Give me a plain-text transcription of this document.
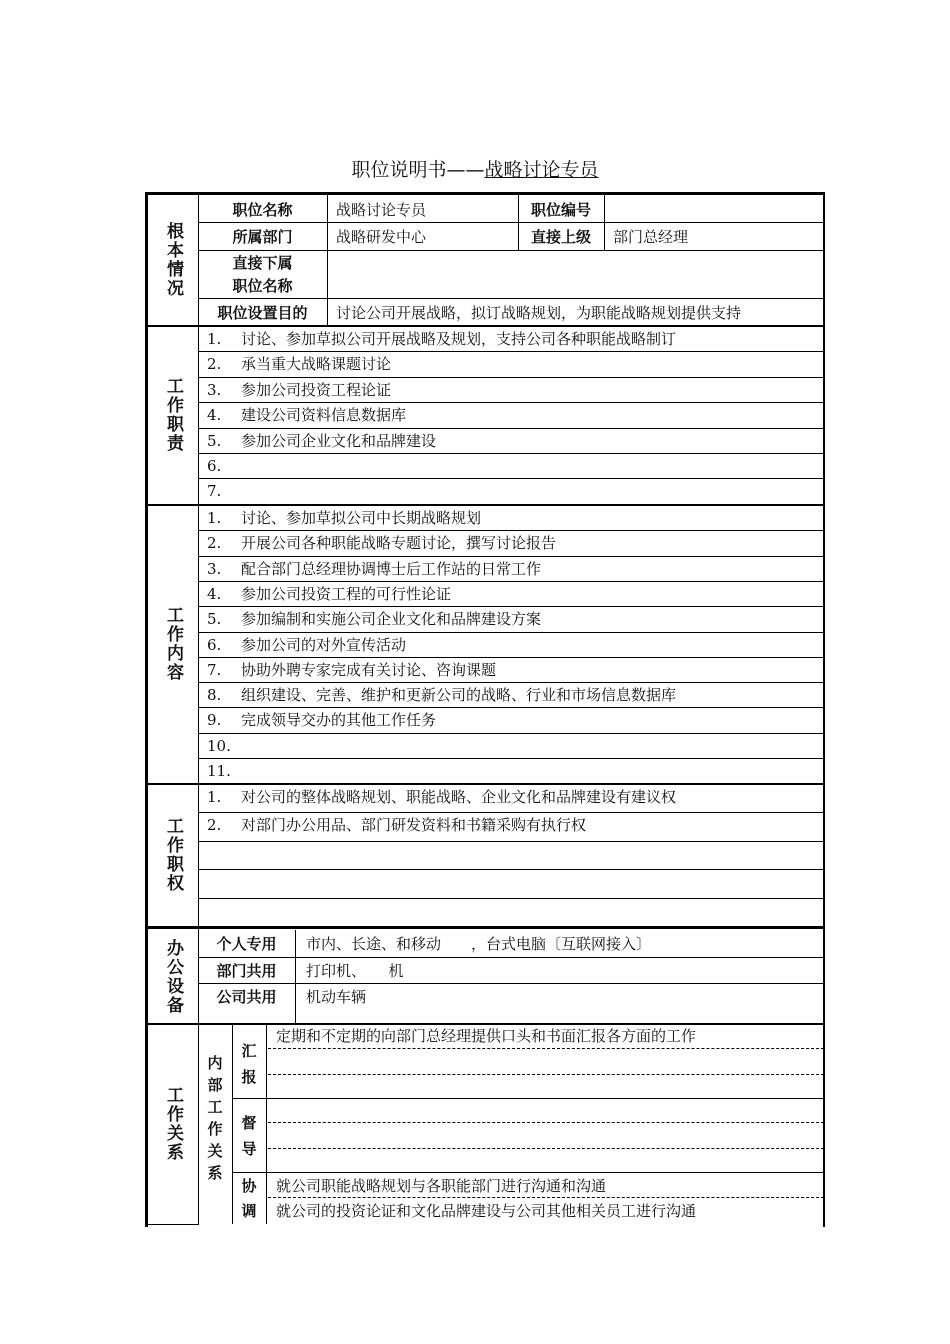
职位说明书——战略讨论专员
根本情况
职位名称	战略讨论专员	职位编号
所属部门	战略研发中心	直接上级	部门总经理
直接下属
职位名称
职位设置目的	讨论公司开展战略，拟订战略规划，为职能战略规划提供支持
工作职责
1. 讨论、参加草拟公司开展战略及规划，支持公司各种职能战略制订
2. 承当重大战略课题讨论
3. 参加公司投资工程论证
4. 建设公司资料信息数据库
5. 参加公司企业文化和品牌建设
6.
7.
工作内容
1. 讨论、参加草拟公司中长期战略规划
2. 开展公司各种职能战略专题讨论，撰写讨论报告
3. 配合部门总经理协调博士后工作站的日常工作
4. 参加公司投资工程的可行性论证
5. 参加编制和实施公司企业文化和品牌建设方案
6. 参加公司的对外宣传活动
7. 协助外聘专家完成有关讨论、咨询课题
8. 组织建设、完善、维护和更新公司的战略、行业和市场信息数据库
9. 完成领导交办的其他工作任务
10.
11.
工作职权
1. 对公司的整体战略规划、职能战略、企业文化和品牌建设有建议权
2. 对部门办公用品、部门研发资料和书籍采购有执行权
办公设备	个人专用	市内、长途、和移动　　，台式电脑〔互联网接入〕
部门共用	打印机、　　机
公司共用	机动车辆
工作关系
内部工作关系
汇报
定期和不定期的向部门总经理提供口头和书面汇报各方面的工作
督导
协调
就公司职能战略规划与各职能部门进行沟通和沟通
就公司的投资论证和文化品牌建设与公司其他相关员工进行沟通
